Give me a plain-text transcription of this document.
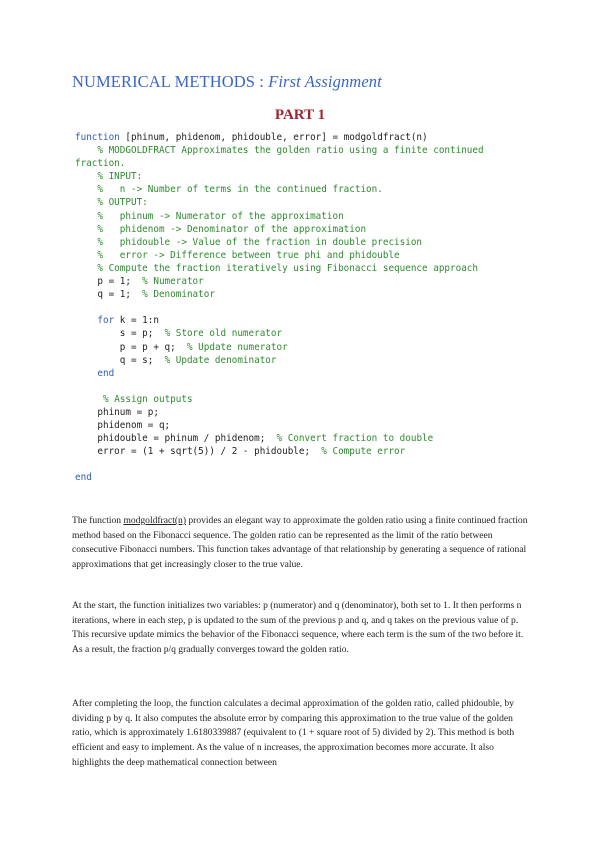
NUMERICAL METHODS : First Assignment
PART 1
function [phinum, phidenom, phidouble, error] = modgoldfract(n)
% MODGOLDFRACT Approximates the golden ratio using a finite continued
fraction.
% INPUT:
%   n -> Number of terms in the continued fraction.
% OUTPUT:
%   phinum -> Numerator of the approximation
%   phidenom -> Denominator of the approximation
%   phidouble -> Value of the fraction in double precision
%   error -> Difference between true phi and phidouble
% Compute the fraction iteratively using Fibonacci sequence approach
p = 1;  % Numerator
q = 1;  % Denominator
for k = 1:n
s = p;  % Store old numerator
p = p + q;  % Update numerator
q = s;  % Update denominator
end
% Assign outputs
phinum = p;
phidenom = q;
phidouble = phinum / phidenom;  % Convert fraction to double
error = (1 + sqrt(5)) / 2 - phidouble;  % Compute error
end
The function modgoldfract(n) provides an elegant way to approximate the golden ratio using a finite continued fraction method based on the Fibonacci sequence. The golden ratio can be represented as the limit of the ratio between consecutive Fibonacci numbers. This function takes advantage of that relationship by generating a sequence of rational approximations that get increasingly closer to the true value.
At the start, the function initializes two variables: p (numerator) and q (denominator), both set to 1. It then performs n iterations, where in each step, p is updated to the sum of the previous p and q, and q takes on the previous value of p. This recursive update mimics the behavior of the Fibonacci sequence, where each term is the sum of the two before it. As a result, the fraction p/q gradually converges toward the golden ratio.
After completing the loop, the function calculates a decimal approximation of the golden ratio, called phidouble, by dividing p by q. It also computes the absolute error by comparing this approximation to the true value of the golden ratio, which is approximately 1.6180339887 (equivalent to (1 + square root of 5) divided by 2). This method is both efficient and easy to implement. As the value of n increases, the approximation becomes more accurate. It also highlights the deep mathematical connection between
